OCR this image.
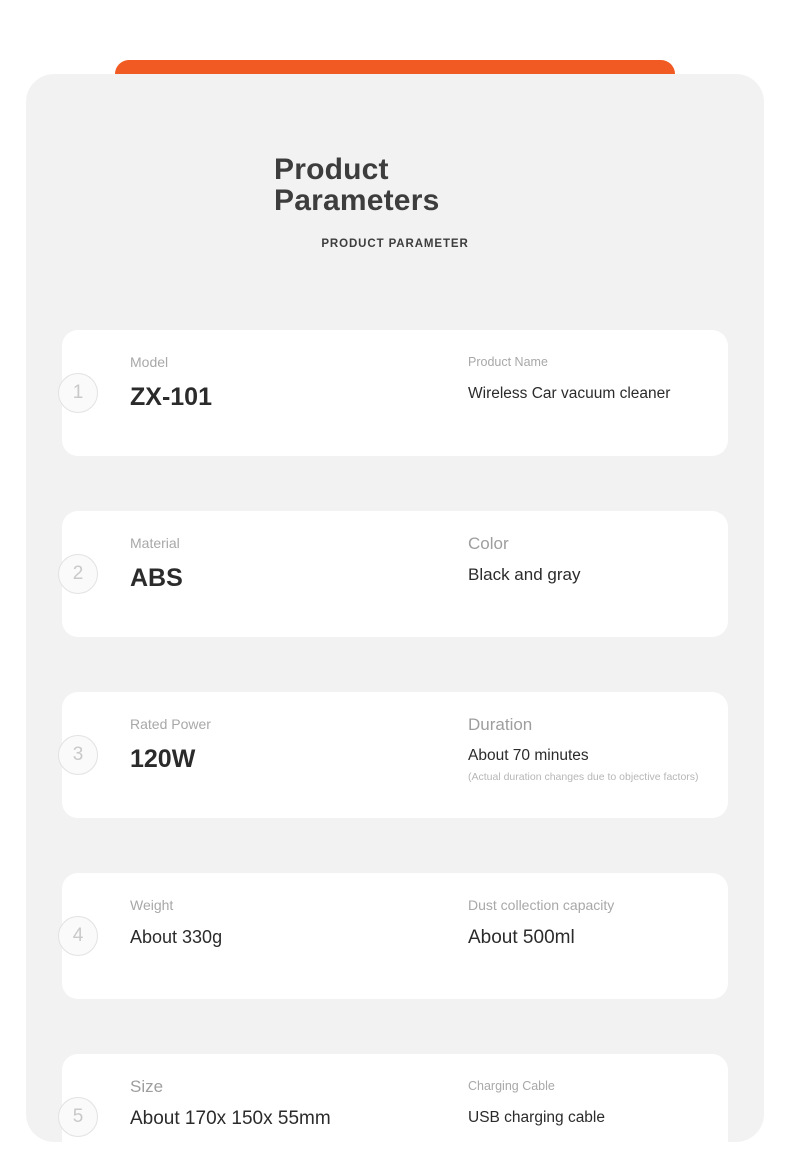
Product Parameters
PRODUCT PARAMETER
1

Model

ZX-101

Product Name

Wireless Car vacuum cleaner

2

Material

ABS

Color

Black and gray

3

Rated Power

120W

Duration

About 70 minutes

(Actual duration changes due to objective factors)

4

Weight

About 330g

Dust collection capacity

About 500ml

5

Size

About 170x 150x 55mm

Charging Cable

USB charging cable
